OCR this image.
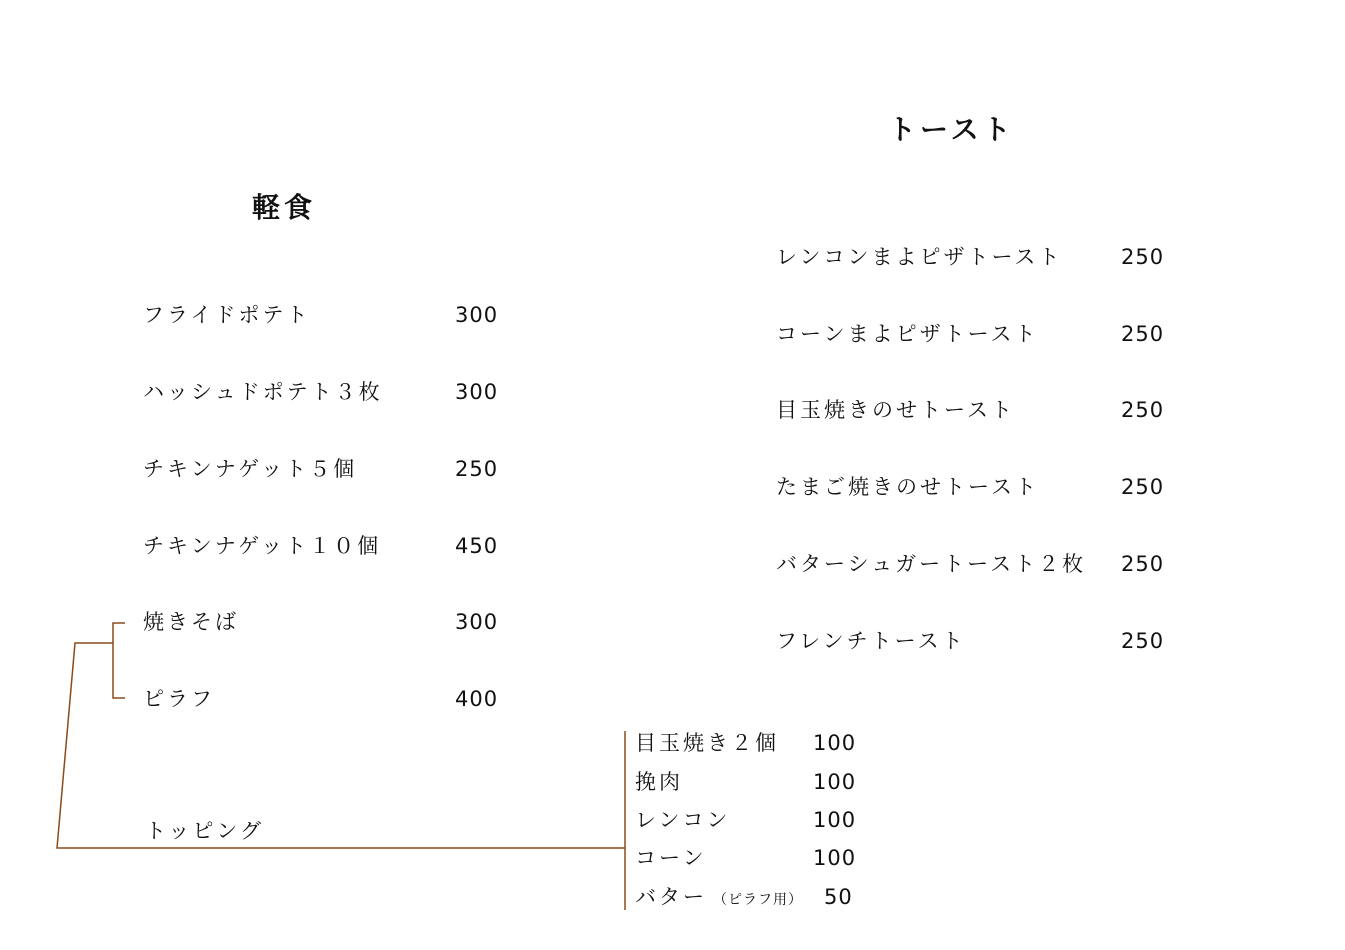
軽食
フライドポテト	300
ハッシュドポテト３枚	300
チキンナゲット５個	250
チキンナゲット１０個	450
焼きそば	300
ピラフ	400
トースト
レンコンまよピザトースト	250
コーンまよピザトースト	250
目玉焼きのせトースト	250
たまご焼きのせトースト	250
バターシュガートースト２枚 250
フレンチトースト	250
トッピング
目玉焼き２個 100
挽肉	100
レンコン	100
コーン	100
バター （ピラフ用） 50
